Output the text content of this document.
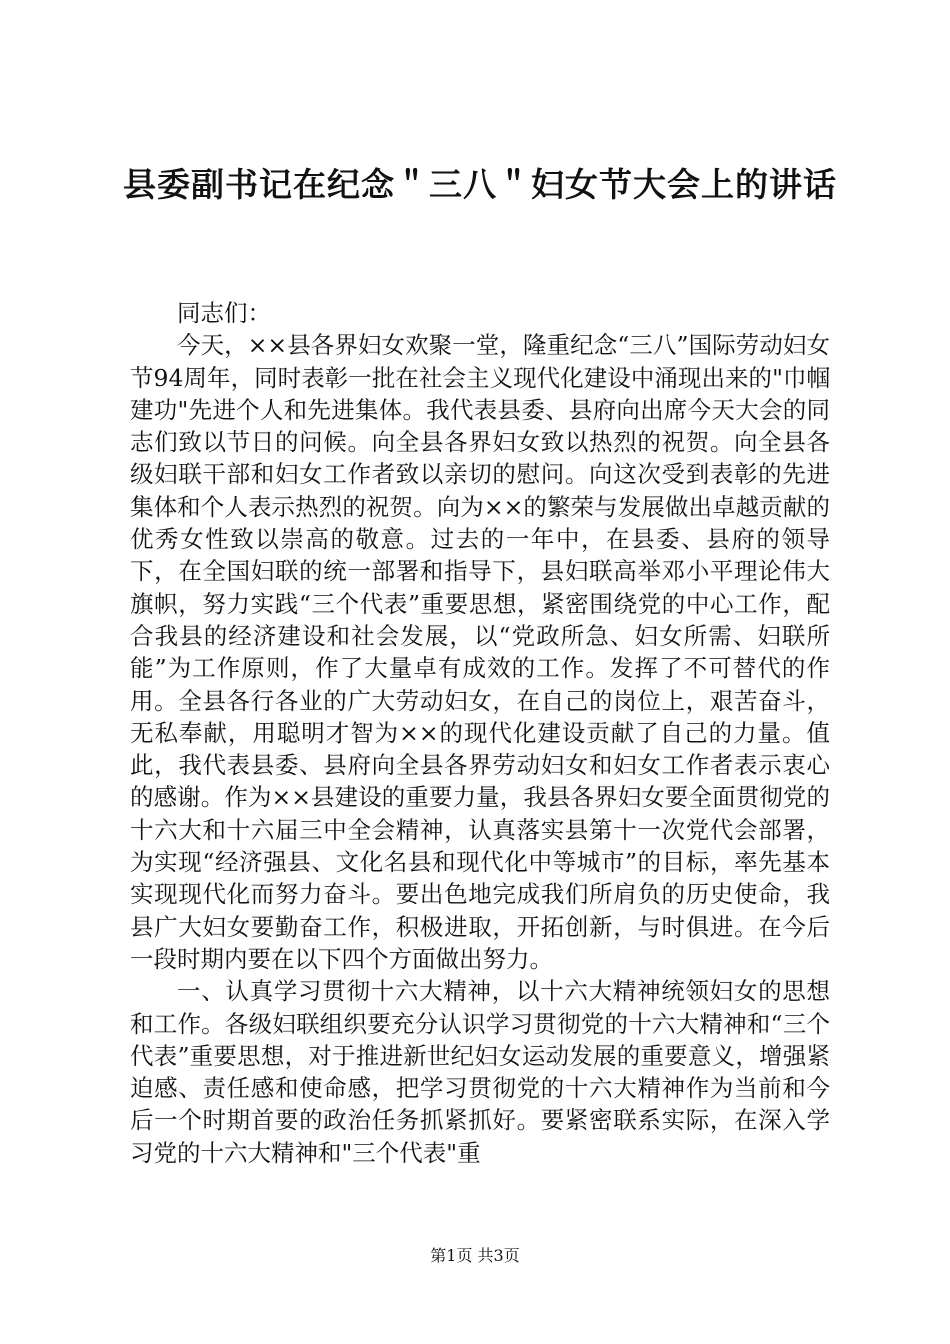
县委副书记在纪念＂三八＂妇女节大会上的讲话

同志们：

今天，××县各界妇女欢聚一堂，隆重纪念“三八”国际劳动妇女节94周年，同时表彰一批在社会主义现代化建设中涌现出来的"巾帼建功"先进个人和先进集体。我代表县委、县府向出席今天大会的同志们致以节日的问候。向全县各界妇女致以热烈的祝贺。向全县各级妇联干部和妇女工作者致以亲切的慰问。向这次受到表彰的先进集体和个人表示热烈的祝贺。向为××的繁荣与发展做出卓越贡献的优秀女性致以崇高的敬意。过去的一年中，在县委、县府的领导下，在全国妇联的统一部署和指导下，县妇联高举邓小平理论伟大旗帜，努力实践“三个代表”重要思想，紧密围绕党的中心工作，配合我县的经济建设和社会发展，以“党政所急、妇女所需、妇联所能”为工作原则，作了大量卓有成效的工作。发挥了不可替代的作用。全县各行各业的广大劳动妇女，在自己的岗位上，艰苦奋斗，无私奉献，用聪明才智为××的现代化建设贡献了自己的力量。值此，我代表县委、县府向全县各界劳动妇女和妇女工作者表示衷心的感谢。作为××县建设的重要力量，我县各界妇女要全面贯彻党的十六大和十六届三中全会精神，认真落实县第十一次党代会部署，为实现“经济强县、文化名县和现代化中等城市”的目标，率先基本实现现代化而努力奋斗。要出色地完成我们所肩负的历史使命，我县广大妇女要勤奋工作，积极进取，开拓创新，与时俱进。在今后一段时期内要在以下四个方面做出努力。

一、认真学习贯彻十六大精神，以十六大精神统领妇女的思想和工作。各级妇联组织要充分认识学习贯彻党的十六大精神和“三个代表”重要思想，对于推进新世纪妇女运动发展的重要意义，增强紧迫感、责任感和使命感，把学习贯彻党的十六大精神作为当前和今后一个时期首要的政治任务抓紧抓好。要紧密联系实际，在深入学习党的十六大精神和"三个代表"重

第1页 共3页
